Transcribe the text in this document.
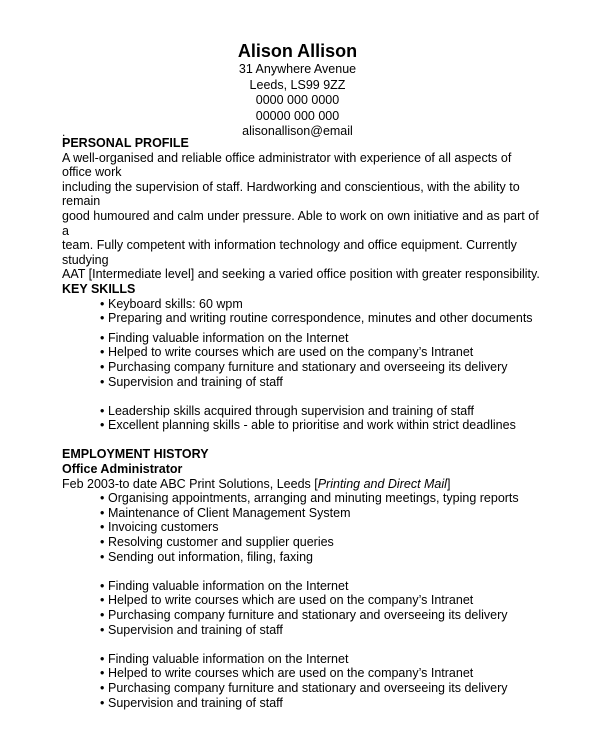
Alison Allison
31 Anywhere Avenue
Leeds, LS99 9ZZ
0000 000 0000
00000 000 000
alisonallison@email
.
PERSONAL PROFILE
A well-organised and reliable office administrator with experience of all aspects of office work
including the supervision of staff. Hardworking and conscientious, with the ability to remain
good humoured and calm under pressure. Able to work on own initiative and as part of a
team. Fully competent with information technology and office equipment. Currently studying
AAT [Intermediate level] and seeking a varied office position with greater responsibility.
KEY SKILLS
• Keyboard skills: 60 wpm
• Preparing and writing routine correspondence, minutes and other documents
• Finding valuable information on the Internet
• Helped to write courses which are used on the company’s Intranet
• Purchasing company furniture and stationary and overseeing its delivery
• Supervision and training of staff
• Leadership skills acquired through supervision and training of staff
• Excellent planning skills - able to prioritise and work within strict deadlines
EMPLOYMENT HISTORY
Office Administrator
Feb 2003-to date ABC Print Solutions, Leeds [Printing and Direct Mail]
• Organising appointments, arranging and minuting meetings, typing reports
• Maintenance of Client Management System
• Invoicing customers
• Resolving customer and supplier queries
• Sending out information, filing, faxing
• Finding valuable information on the Internet
• Helped to write courses which are used on the company’s Intranet
• Purchasing company furniture and stationary and overseeing its delivery
• Supervision and training of staff
• Finding valuable information on the Internet
• Helped to write courses which are used on the company’s Intranet
• Purchasing company furniture and stationary and overseeing its delivery
• Supervision and training of staff
